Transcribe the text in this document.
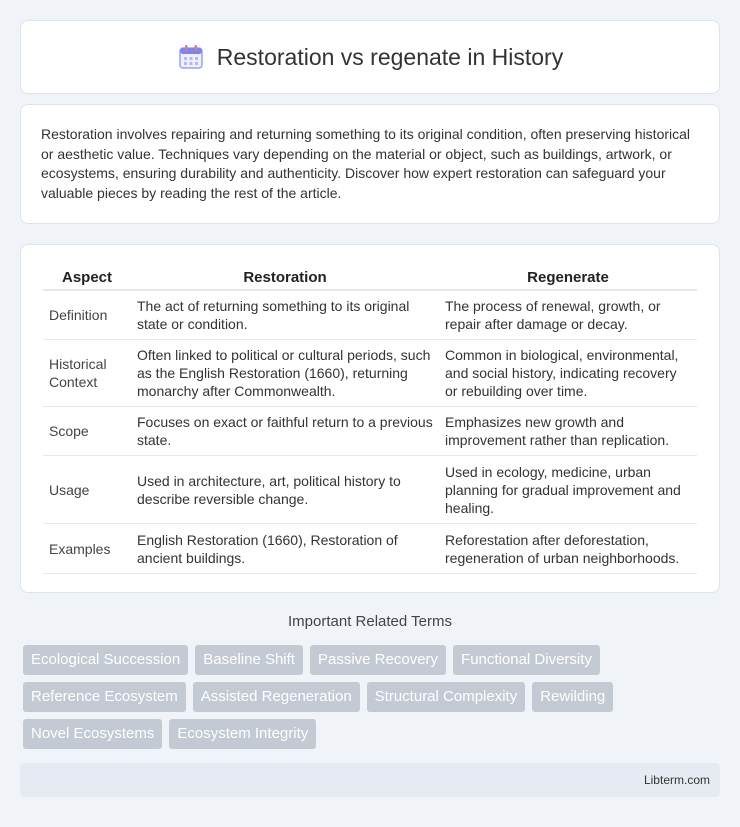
Restoration vs regenate in History

Restoration involves repairing and returning something to its original condition, often preserving historical or aesthetic value. Techniques vary depending on the material or object, such as buildings, artwork, or ecosystems, ensuring durability and authenticity. Discover how expert restoration can safeguard your valuable pieces by reading the rest of the article.

Aspect	Restoration	Regenerate
Definition	The act of returning something to its original state or condition.	The process of renewal, growth, or repair after damage or decay.
Historical Context	Often linked to political or cultural periods, such as the English Restoration (1660), returning monarchy after Commonwealth.	Common in biological, environmental, and social history, indicating recovery or rebuilding over time.
Scope	Focuses on exact or faithful return to a previous state.	Emphasizes new growth and improvement rather than replication.
Usage	Used in architecture, art, political history to describe reversible change.	Used in ecology, medicine, urban planning for gradual improvement and healing.
Examples	English Restoration (1660), Restoration of ancient buildings.	Reforestation after deforestation, regeneration of urban neighborhoods.
Important Related Terms
Ecological Succession	Baseline Shift	Passive Recovery	Functional Diversity
Reference Ecosystem	Assisted Regeneration	Structural Complexity	Rewilding
Novel Ecosystems	Ecosystem Integrity
Libterm.com
